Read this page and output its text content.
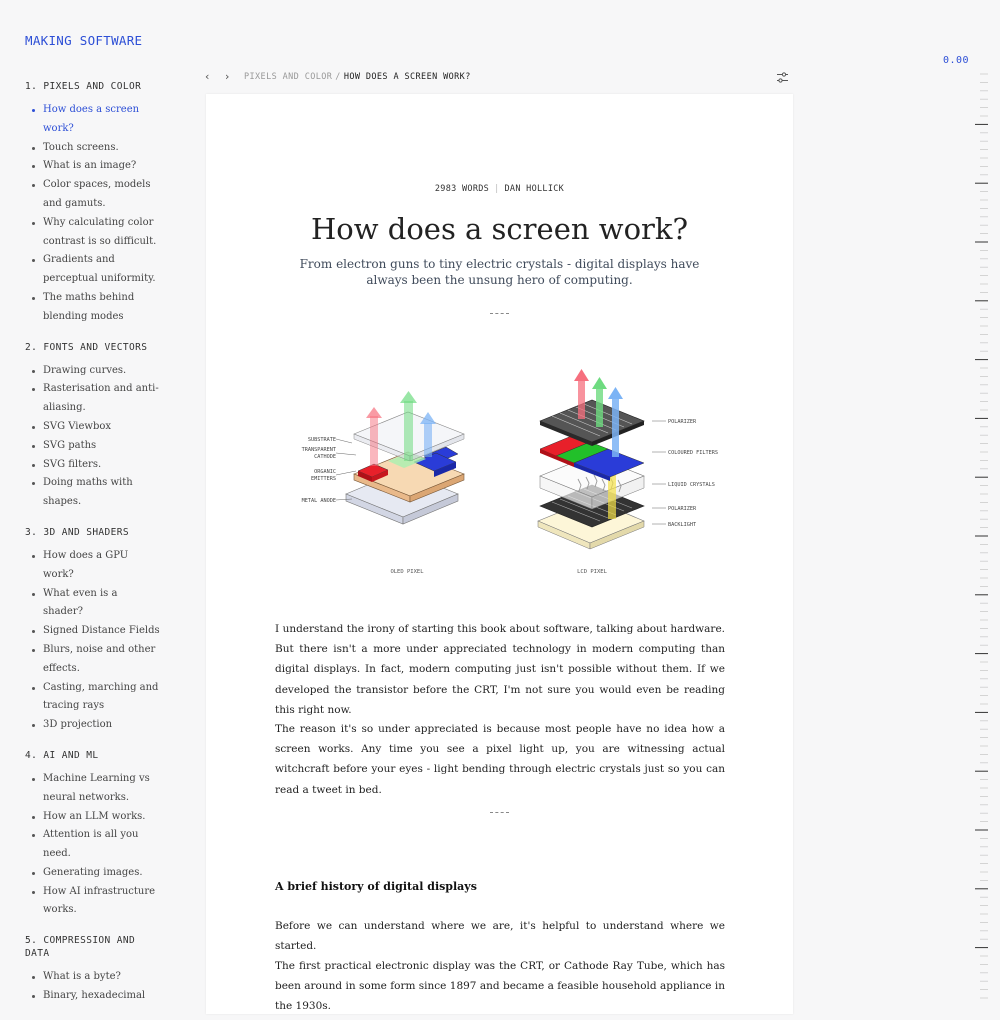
MAKING SOFTWARE

1. PIXELS AND COLOR

How does a screen work?
Touch screens.
What is an image?
Color spaces, models and gamuts.
Why calculating color contrast is so difficult.
Gradients and perceptual uniformity.
The maths behind blending modes

2. FONTS AND VECTORS

Drawing curves.
Rasterisation and anti-aliasing.
SVG Viewbox
SVG paths
SVG filters.
Doing maths with shapes.

3. 3D AND SHADERS

How does a GPU work?
What even is a shader?
Signed Distance Fields
Blurs, noise and other effects.
Casting, marching and tracing rays
3D projection

4. AI AND ML

Machine Learning vs neural networks.
How an LLM works.
Attention is all you need.
Generating images.
How AI infrastructure works.

5. COMPRESSION AND DATA

What is a byte?
Binary, hexadecimal
‹ › PIXELS AND COLOR / HOW DOES A SCREEN WORK?
2983 WORDS | DAN HOLLICK
How does a screen work?

From electron guns to tiny electric crystals - digital displays have always been the unsung hero of computing.

SUBSTRATE
TRANSPARENT
CATHODE
ORGANIC
EMITTERS
METAL ANODE
OLED PIXEL
POLARIZER
COLOURED FILTERS
LIQUID CRYSTALS
POLARIZER
BACKLIGHT
LCD PIXEL

I understand the irony of starting this book about software, talking about hardware. But there isn't a more under appreciated technology in modern computing than digital displays. In fact, modern computing just isn't possible without them. If we developed the transistor before the CRT, I'm not sure you would even be reading this right now.

The reason it's so under appreciated is because most people have no idea how a screen works. Any time you see a pixel light up, you are witnessing actual witchcraft before your eyes - light bending through electric crystals just so you can read a tweet in bed.

A brief history of digital displays

Before we can understand where we are, it's helpful to understand where we started.

The first practical electronic display was the CRT, or Cathode Ray Tube, which has been around in some form since 1897 and became a feasible household appliance in the 1930s.

0.00
